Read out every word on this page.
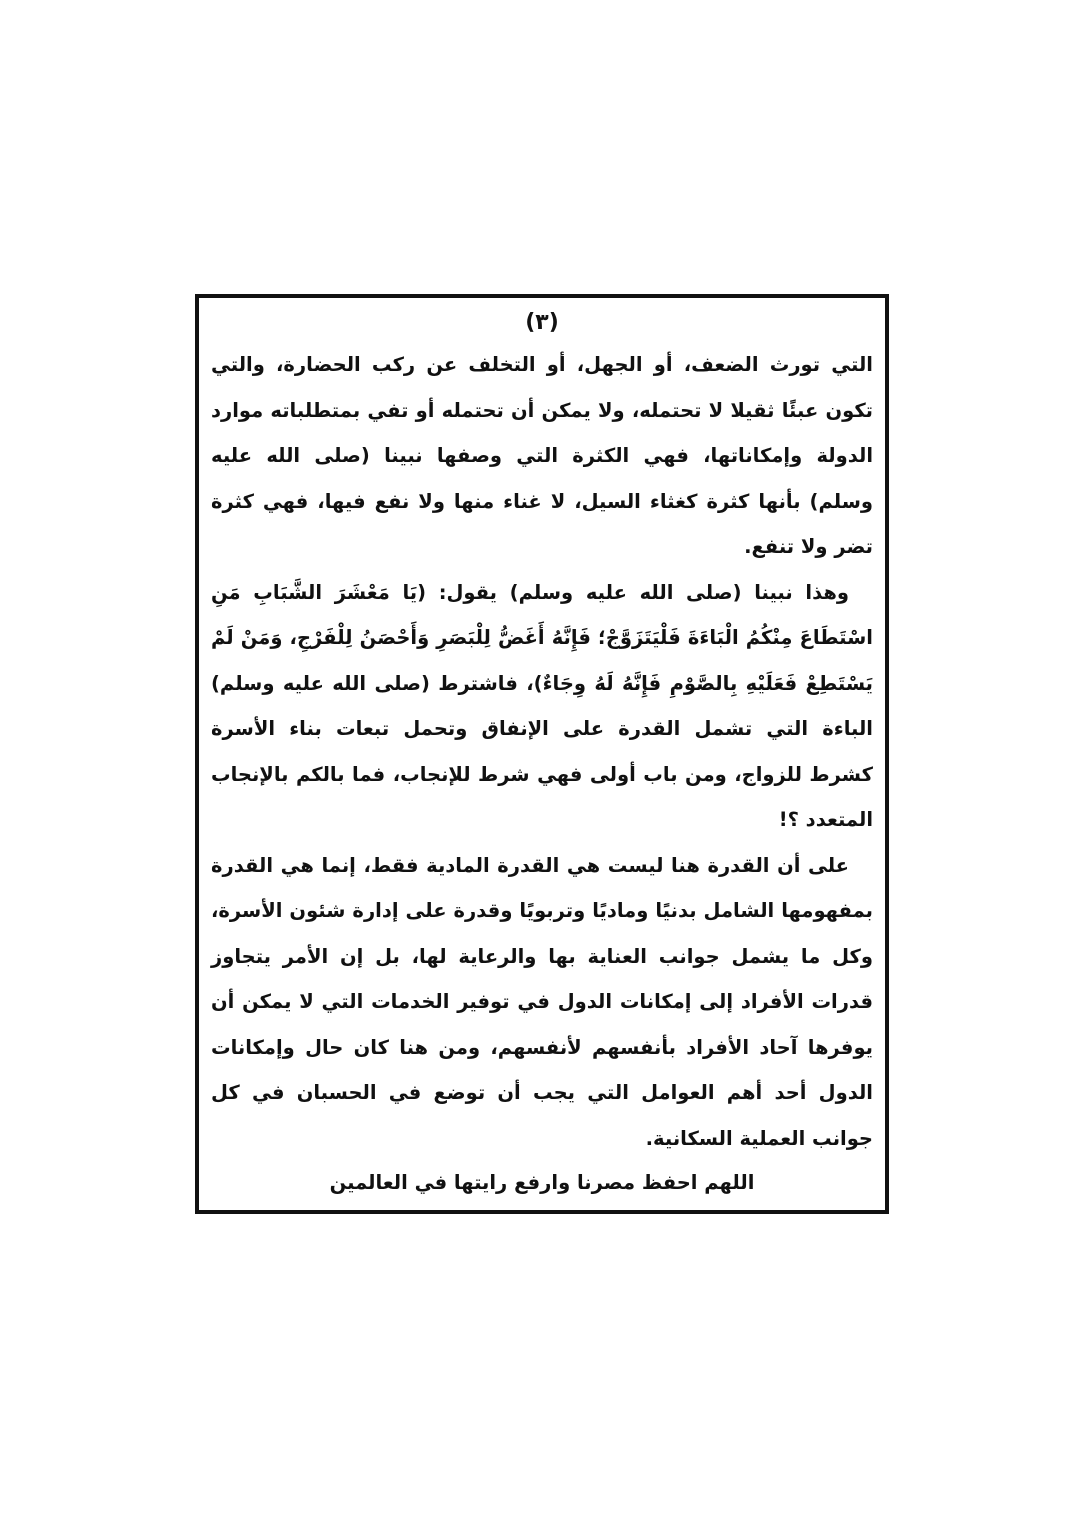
(٣)

التي تورث الضعف، أو الجهل، أو التخلف عن ركب الحضارة، والتي تكون عبئًا ثقيلا لا تحتمله، ولا يمكن أن تحتمله أو تفي بمتطلباته موارد الدولة وإمكاناتها، فهي الكثرة التي وصفها نبينا (صلى الله عليه وسلم) بأنها كثرة كغثاء السيل، لا غناء منها ولا نفع فيها، فهي كثرة تضر ولا تنفع.

وهذا نبينا (صلى الله عليه وسلم) يقول: (يَا مَعْشَرَ الشَّبَابِ مَنِ اسْتَطَاعَ مِنْكُمُ الْبَاءَةَ فَلْيَتَزَوَّجْ؛ فَإِنَّهُ أَغَضُّ لِلْبَصَرِ وَأَحْصَنُ لِلْفَرْجِ، وَمَنْ لَمْ يَسْتَطِعْ فَعَلَيْهِ بِالصَّوْمِ فَإِنَّهُ لَهُ وِجَاءٌ)، فاشترط (صلى الله عليه وسلم) الباءة التي تشمل القدرة على الإنفاق وتحمل تبعات بناء الأسرة كشرط للزواج، ومن باب أولى فهي شرط للإنجاب، فما بالكم بالإنجاب المتعدد ؟!

على أن القدرة هنا ليست هي القدرة المادية فقط، إنما هي القدرة بمفهومها الشامل بدنيًا وماديًا وتربويًا وقدرة على إدارة شئون الأسرة، وكل ما يشمل جوانب العناية بها والرعاية لها، بل إن الأمر يتجاوز قدرات الأفراد إلى إمكانات الدول في توفير الخدمات التي لا يمكن أن يوفرها آحاد الأفراد بأنفسهم لأنفسهم، ومن هنا كان حال وإمكانات الدول أحد أهم العوامل التي يجب أن توضع في الحسبان في كل جوانب العملية السكانية.

اللهم احفظ مصرنا وارفع رايتها في العالمين
